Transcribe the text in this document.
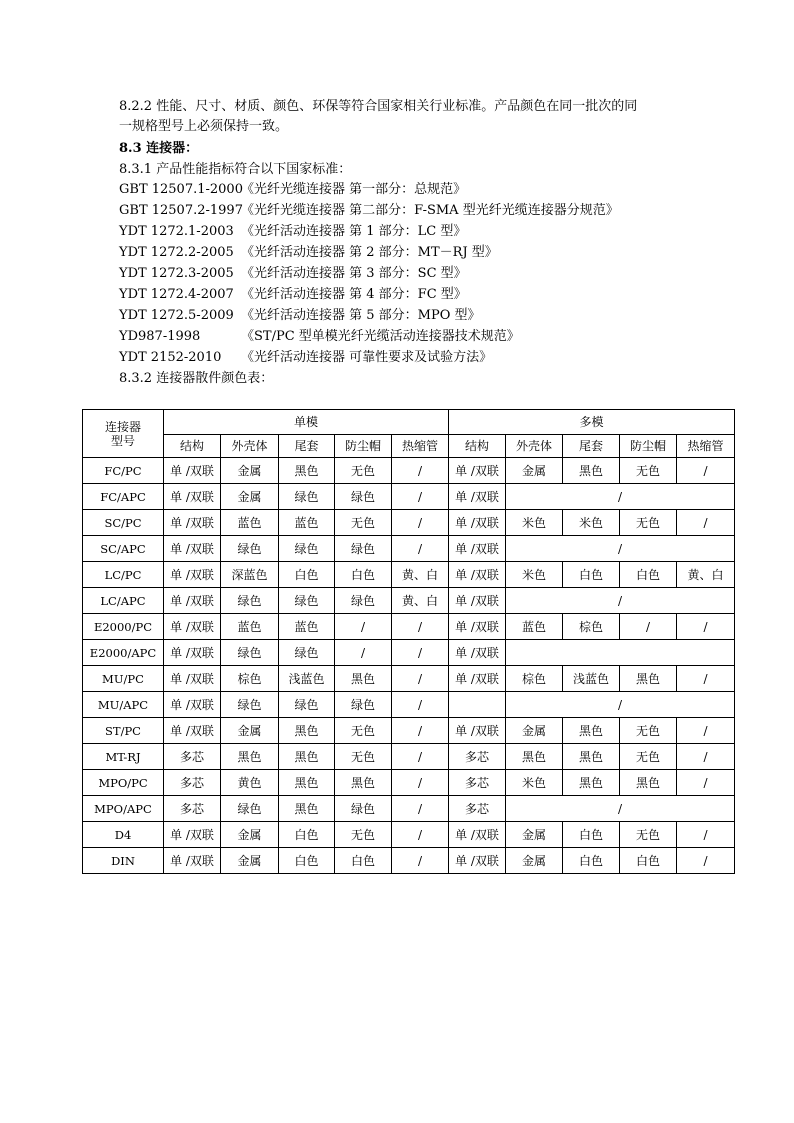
8.2.2 性能、尺寸、材质、颜色、环保等符合国家相关行业标准。产品颜色在同一批次的同
一规格型号上必须保持一致。
8.3 连接器：
8.3.1 产品性能指标符合以下国家标准：
GBT 12507.1-2000《光纤光缆连接器 第一部分：总规范》
GBT 12507.2-1997《光纤光缆连接器 第二部分：F-SMA 型光纤光缆连接器分规范》
YDT 1272.1-2003 《光纤活动连接器 第 1 部分：LC 型》
YDT 1272.2-2005 《光纤活动连接器 第 2 部分：MT－RJ 型》
YDT 1272.3-2005 《光纤活动连接器 第 3 部分：SC 型》
YDT 1272.4-2007 《光纤活动连接器 第 4 部分：FC 型》
YDT 1272.5-2009 《光纤活动连接器 第 5 部分：MPO 型》
YD987-1998	《ST/PC 型单模光纤光缆活动连接器技术规范》
YDT 2152-2010 《光纤活动连接器 可靠性要求及试验方法》
8.3.2 连接器散件颜色表：
连接器
型号	单模					多模				
	结构	外壳体	尾套	防尘帽	热缩管	结构	外壳体	尾套	防尘帽	热缩管
FC/PC	单 /双联	金属	黑色	无色	/	单 /双联	金属	黑色	无色	/
FC/APC	单 /双联	金属	绿色	绿色	/	单 /双联	/			
SC/PC	单 /双联	蓝色	蓝色	无色	/	单 /双联	米色	米色	无色	/
SC/APC	单 /双联	绿色	绿色	绿色	/	单 /双联	/			
LC/PC	单 /双联	深蓝色	白色	白色	黄、白	单 /双联	米色	白色	白色	黄、白
LC/APC	单 /双联	绿色	绿色	绿色	黄、白	单 /双联	/			
E2000/PC	单 /双联	蓝色	蓝色	/	/	单 /双联	蓝色	棕色	/	/
E2000/APC	单 /双联	绿色	绿色	/	/	单 /双联				
MU/PC	单 /双联	棕色	浅蓝色	黑色	/	单 /双联	棕色	浅蓝色	黑色	/
MU/APC	单 /双联	绿色	绿色	绿色	/		/			
ST/PC	单 /双联	金属	黑色	无色	/	单 /双联	金属	黑色	无色	/
MT-RJ	多芯	黑色	黑色	无色	/	多芯	黑色	黑色	无色	/
MPO/PC	多芯	黄色	黑色	黑色	/	多芯	米色	黑色	黑色	/
MPO/APC	多芯	绿色	黑色	绿色	/	多芯	/			
D4	单 /双联	金属	白色	无色	/	单 /双联	金属	白色	无色	/
DIN	单 /双联	金属	白色	白色	/	单 /双联	金属	白色	白色	/
